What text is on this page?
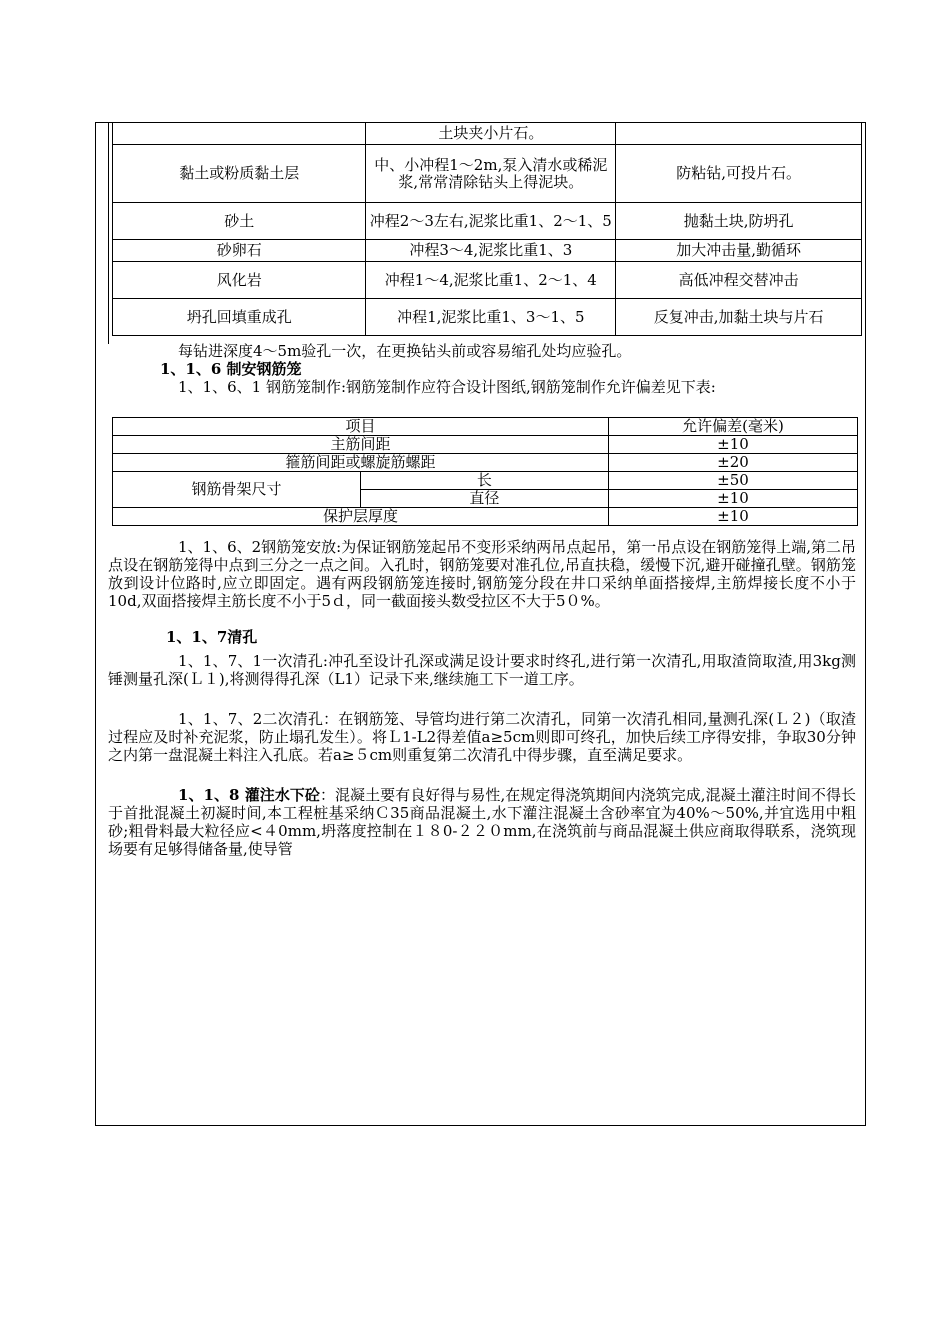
	土块夹小片石。	
黏土或粉质黏土层	中、小冲程1～2m,泵入清水或稀泥浆,常常清除钻头上得泥块。	防粘钻,可投片石。
砂土	冲程2～3左右,泥浆比重1、2～1、5	抛黏土块,防坍孔
砂卵石	冲程3～4,泥浆比重1、3	加大冲击量,勤循环
风化岩	冲程1～4,泥浆比重1、2～1、4	高低冲程交替冲击
坍孔回填重成孔	冲程1,泥浆比重1、3～1、5	反复冲击,加黏土块与片石

每钻进深度4～5m验孔一次，在更换钻头前或容易缩孔处均应验孔。

1、1、6 制安钢筋笼

1、1、6、1 钢筋笼制作:钢筋笼制作应符合设计图纸,钢筋笼制作允许偏差见下表:

项目		允许偏差(毫米)
主筋间距		±10
箍筋间距或螺旋筋螺距		±20
钢筋骨架尺寸	长	±50
	直径	±10
保护层厚度		±10

1、1、6、2钢筋笼安放:为保证钢筋笼起吊不变形采纳两吊点起吊，第一吊点设在钢筋笼得上端,第二吊点设在钢筋笼得中点到三分之一点之间。入孔时，钢筋笼要对准孔位,吊直扶稳，缓慢下沉,避开碰撞孔壁。钢筋笼放到设计位路时,应立即固定。遇有两段钢筋笼连接时,钢筋笼分段在井口采纳单面搭接焊,主筋焊接长度不小于10d,双面搭接焊主筋长度不小于5ｄ，同一截面接头数受拉区不大于5０%。

1、1、7清孔

1、1、7、1一次清孔:冲孔至设计孔深或满足设计要求时终孔,进行第一次清孔,用取渣筒取渣,用3kg测锤测量孔深(Ｌ１),将测得得孔深（L1）记录下来,继续施工下一道工序。

1、1、7、2二次清孔：在钢筋笼、导管均进行第二次清孔，同第一次清孔相同,量测孔深(Ｌ２)（取渣过程应及时补充泥浆，防止塌孔发生）。将Ｌ1-L2得差值a≥5cm则即可终孔，加快后续工序得安排，争取30分钟之内第一盘混凝土料注入孔底。若a≥５cm则重复第二次清孔中得步骤，直至满足要求。

1、1、8 灌注水下砼：混凝土要有良好得与易性,在规定得浇筑期间内浇筑完成,混凝土灌注时间不得长于首批混凝土初凝时间,本工程桩基采纳Ｃ35商品混凝土,水下灌注混凝土含砂率宜为40%～50%,并宜选用中粗砂;粗骨料最大粒径应<４0mm,坍落度控制在１８0-２２０mm,在浇筑前与商品混凝土供应商取得联系，浇筑现场要有足够得储备量,使导管
